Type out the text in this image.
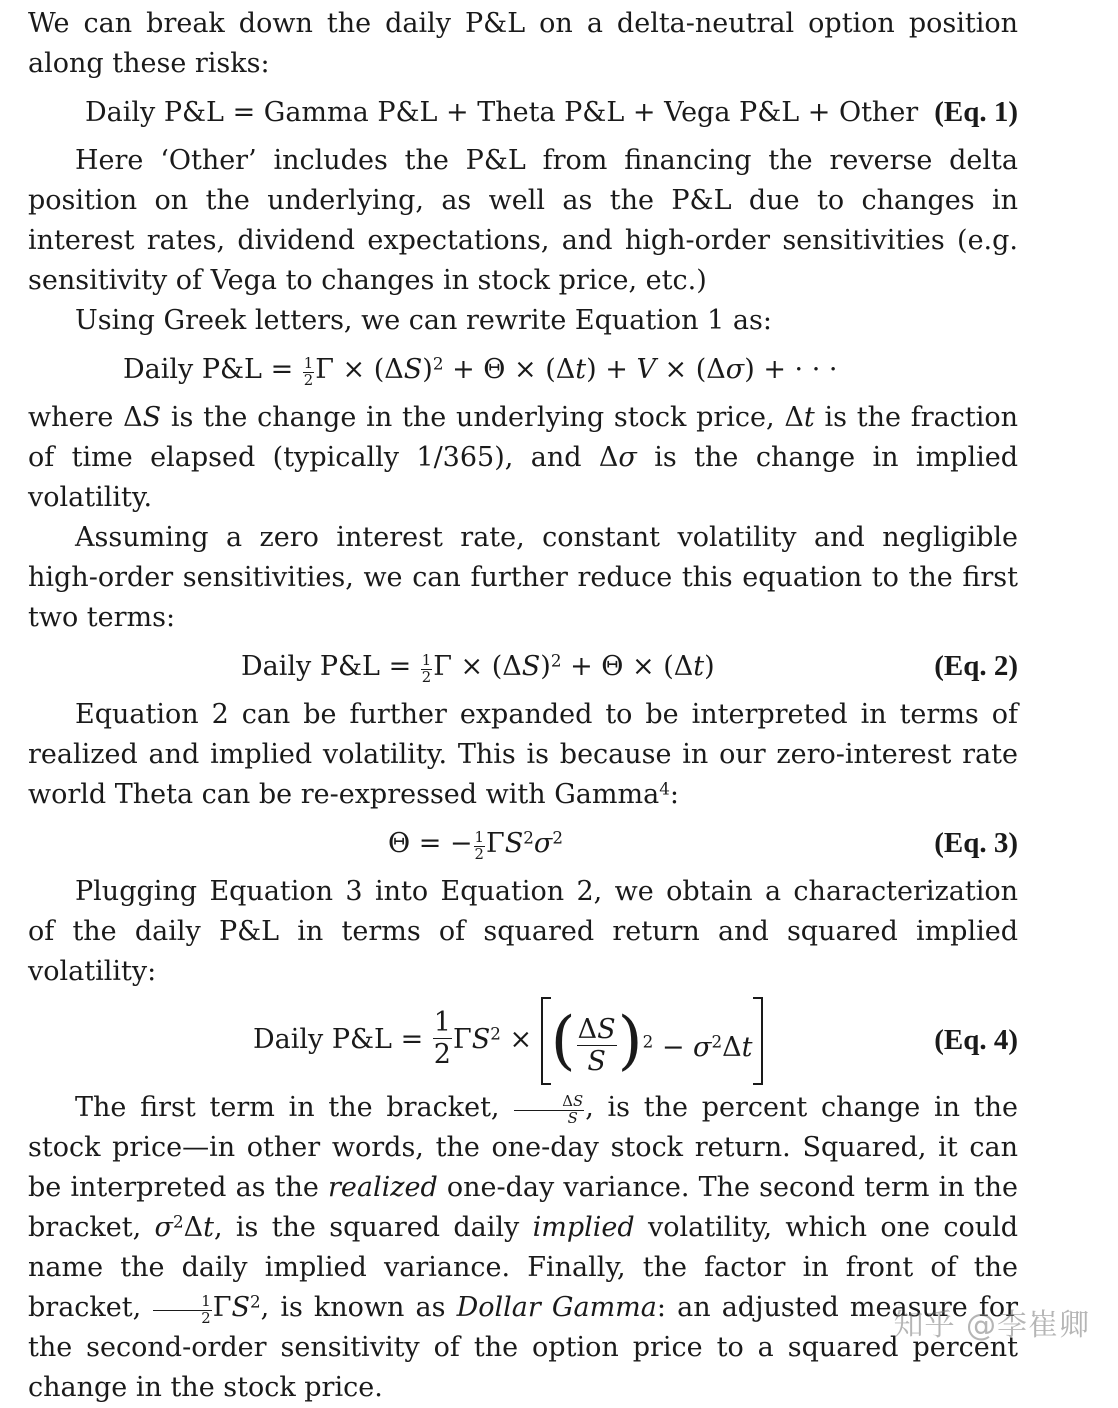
We can break down the daily P&L on a delta-neutral option position along these risks:

Daily P&L = Gamma P&L + Theta P&L + Vega P&L + Other (Eq. 1)

Here ‘Other’ includes the P&L from financing the reverse delta position on the underlying, as well as the P&L due to changes in interest rates, dividend expectations, and high-order sensitivities (e.g. sensitivity of Vega to changes in stock price, etc.)

Using Greek letters, we can rewrite Equation 1 as:

Daily P&L = $\frac{1}{2}$ $\Gamma \times (\Delta S)^2 + \Theta \times (\Delta t) + V \times (\Delta\sigma)$ + · · ·

where ΔS is the change in the underlying stock price, Δt is the fraction of time elapsed (typically 1/365), and Δσ is the change in implied volatility.

Assuming a zero interest rate, constant volatility and negligible high-order sensitivities, we can further reduce this equation to the first two terms:

Daily P&L = $\frac{1}{2}$ $\Gamma \times (\Delta S)^2 + \Theta \times (\Delta t)$	(Eq. 2)

Equation 2 can be further expanded to be interpreted in terms of realized and implied volatility. This is because in our zero-interest rate world Theta can be re-expressed with Gamma$^4$:

Θ = − $\frac{1}{2} \Gamma S^2\sigma^2$	(Eq. 3)

Plugging Equation 3 into Equation 2, we obtain a characterization of the daily P&L in terms of squared return and squared implied volatility:

Daily P&L = $\frac{1}{2} \Gamma S^2$ × ( $\frac{\Delta S}{S} )^2 - \sigma^2\Delta t$	(Eq. 4)

The first term in the bracket, $\frac{\Delta S}{S}$ , is the percent change in the stock price—in other words, the one-day stock return. Squared, it can be interpreted as the realized one-day variance. The second term in the bracket, $\sigma^2\Delta t$, is the squared daily implied volatility, which one could name the daily implied variance. Finally, the factor in front of the bracket, $\frac{1}{2} \Gamma S^2$, is known as Dollar Gamma: an adjusted measure for the second-order sensitivity of the option price to a squared percent change in the stock price.

知乎 @李崔卿
